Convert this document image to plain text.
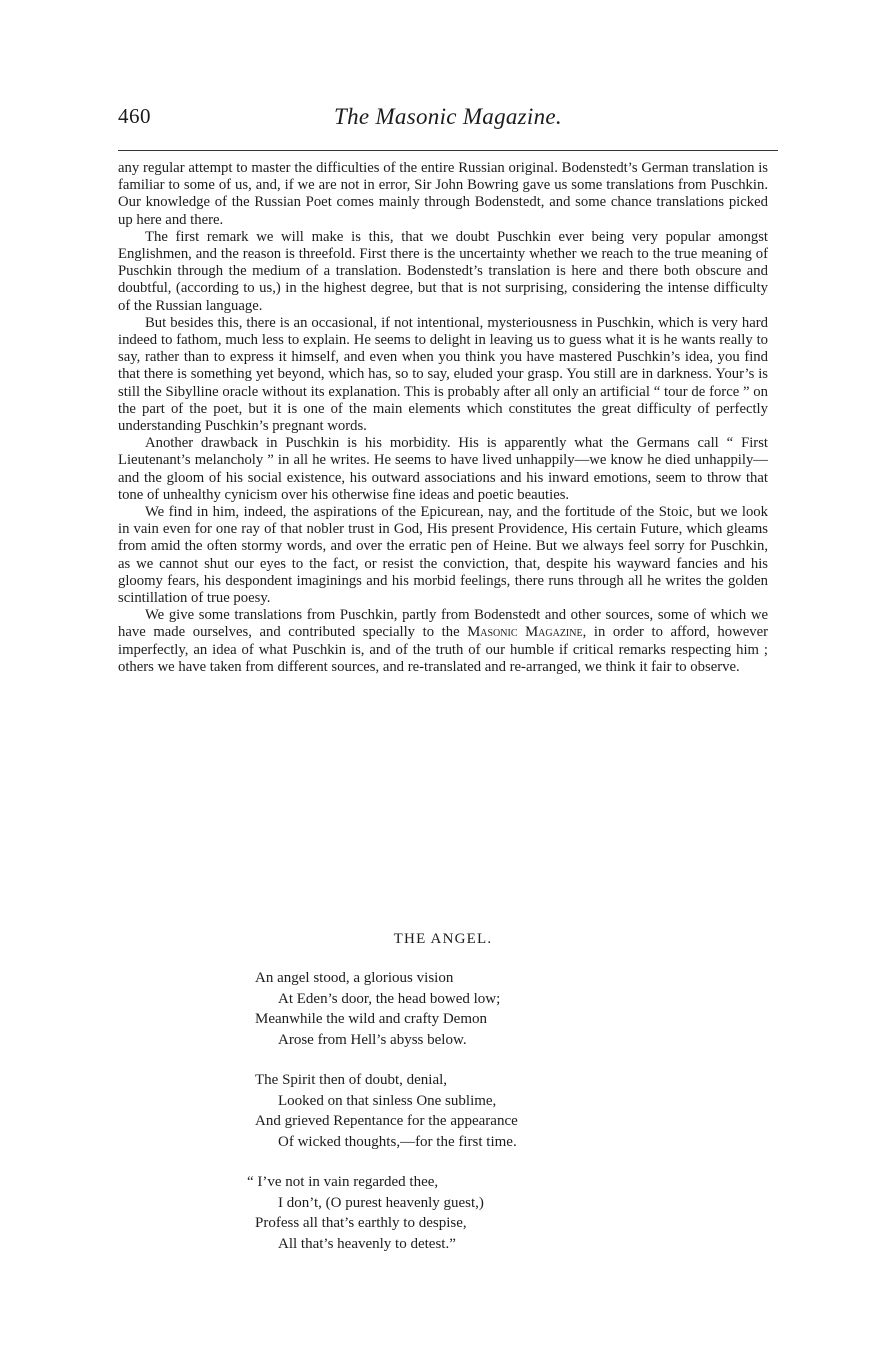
460	The Masonic Magazine.

any regular attempt to master the difficulties of the entire Russian original. Bodenstedt’s German translation is familiar to some of us, and, if we are not in error, Sir John Bowring gave us some translations from Puschkin. Our knowledge of the Russian Poet comes mainly through Bodenstedt, and some chance translations picked up here and there.

The first remark we will make is this, that we doubt Puschkin ever being very popular amongst Englishmen, and the reason is threefold. First there is the uncertainty whether we reach to the true meaning of Puschkin through the medium of a translation. Bodenstedt’s translation is here and there both obscure and doubtful, (according to us,) in the highest degree, but that is not surprising, considering the intense difficulty of the Russian language.

But besides this, there is an occasional, if not intentional, mysteriousness in Puschkin, which is very hard indeed to fathom, much less to explain. He seems to delight in leaving us to guess what it is he wants really to say, rather than to express it himself, and even when you think you have mastered Puschkin’s idea, you find that there is something yet beyond, which has, so to say, eluded your grasp. You still are in darkness. Your’s is still the Sibylline oracle without its explanation. This is probably after all only an artificial “ tour de force ” on the part of the poet, but it is one of the main elements which constitutes the great difficulty of perfectly understanding Puschkin’s pregnant words.

Another drawback in Puschkin is his morbidity. His is apparently what the Germans call “ First Lieutenant’s melancholy ” in all he writes. He seems to have lived unhappily—we know he died unhappily—and the gloom of his social existence, his outward associations and his inward emotions, seem to throw that tone of unhealthy cynicism over his otherwise fine ideas and poetic beauties.

We find in him, indeed, the aspirations of the Epicurean, nay, and the fortitude of the Stoic, but we look in vain even for one ray of that nobler trust in God, His present Providence, His certain Future, which gleams from amid the often stormy words, and over the erratic pen of Heine. But we always feel sorry for Puschkin, as we cannot shut our eyes to the fact, or resist the conviction, that, despite his wayward fancies and his gloomy fears, his despondent imaginings and his morbid feelings, there runs through all he writes the golden scintillation of true poesy.

We give some translations from Puschkin, partly from Bodenstedt and other sources, some of which we have made ourselves, and contributed specially to the Masonic Magazine, in order to afford, however imperfectly, an idea of what Puschkin is, and of the truth of our humble if critical remarks respecting him ; others we have taken from different sources, and re-translated and re-arranged, we think it fair to observe.

THE ANGEL.
An angel stood, a glorious vision
At Eden’s door, the head bowed low;
Meanwhile the wild and crafty Demon
Arose from Hell’s abyss below.
The Spirit then of doubt, denial,
Looked on that sinless One sublime,
And grieved Repentance for the appearance
Of wicked thoughts,—for the first time.
“ I’ve not in vain regarded thee,
I don’t, (O purest heavenly guest,)
Profess all that’s earthly to despise,
All that’s heavenly to detest.”
